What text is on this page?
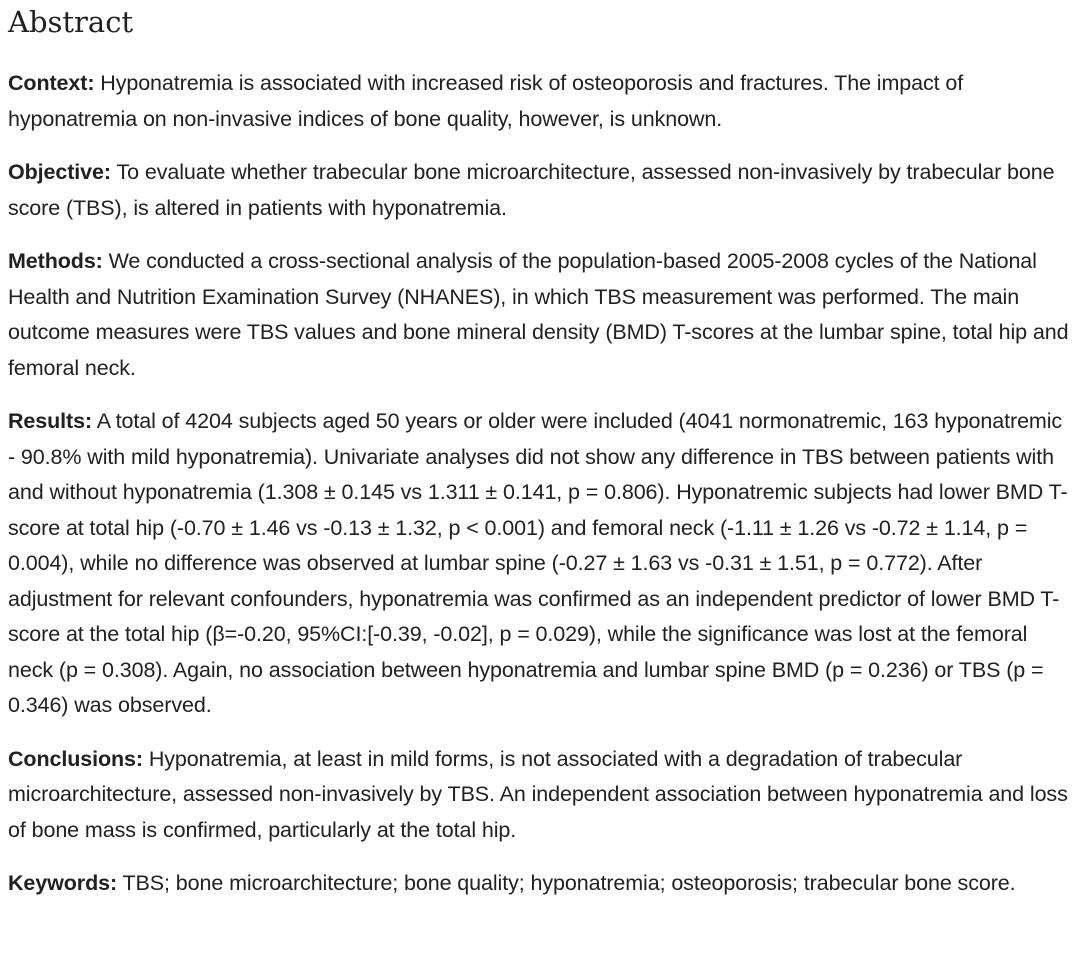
Abstract

Context: Hyponatremia is associated with increased risk of osteoporosis and fractures. The impact of hyponatremia on non-invasive indices of bone quality, however, is unknown.

Objective: To evaluate whether trabecular bone microarchitecture, assessed non-invasively by trabecular bone score (TBS), is altered in patients with hyponatremia.

Methods: We conducted a cross-sectional analysis of the population-based 2005-2008 cycles of the National Health and Nutrition Examination Survey (NHANES), in which TBS measurement was performed. The main outcome measures were TBS values and bone mineral density (BMD) T-scores at the lumbar spine, total hip and femoral neck.

Results: A total of 4204 subjects aged 50 years or older were included (4041 normonatremic, 163 hyponatremic - 90.8% with mild hyponatremia). Univariate analyses did not show any difference in TBS between patients with and without hyponatremia (1.308 ± 0.145 vs 1.311 ± 0.141, p = 0.806). Hyponatremic subjects had lower BMD T-score at total hip (-0.70 ± 1.46 vs -0.13 ± 1.32, p < 0.001) and femoral neck (-1.11 ± 1.26 vs -0.72 ± 1.14, p = 0.004), while no difference was observed at lumbar spine (-0.27 ± 1.63 vs -0.31 ± 1.51, p = 0.772). After adjustment for relevant confounders, hyponatremia was confirmed as an independent predictor of lower BMD T-score at the total hip (β=-0.20, 95%CI:[-0.39, -0.02], p = 0.029), while the significance was lost at the femoral neck (p = 0.308). Again, no association between hyponatremia and lumbar spine BMD (p = 0.236) or TBS (p = 0.346) was observed.

Conclusions: Hyponatremia, at least in mild forms, is not associated with a degradation of trabecular microarchitecture, assessed non-invasively by TBS. An independent association between hyponatremia and loss of bone mass is confirmed, particularly at the total hip.

Keywords: TBS; bone microarchitecture; bone quality; hyponatremia; osteoporosis; trabecular bone score.
